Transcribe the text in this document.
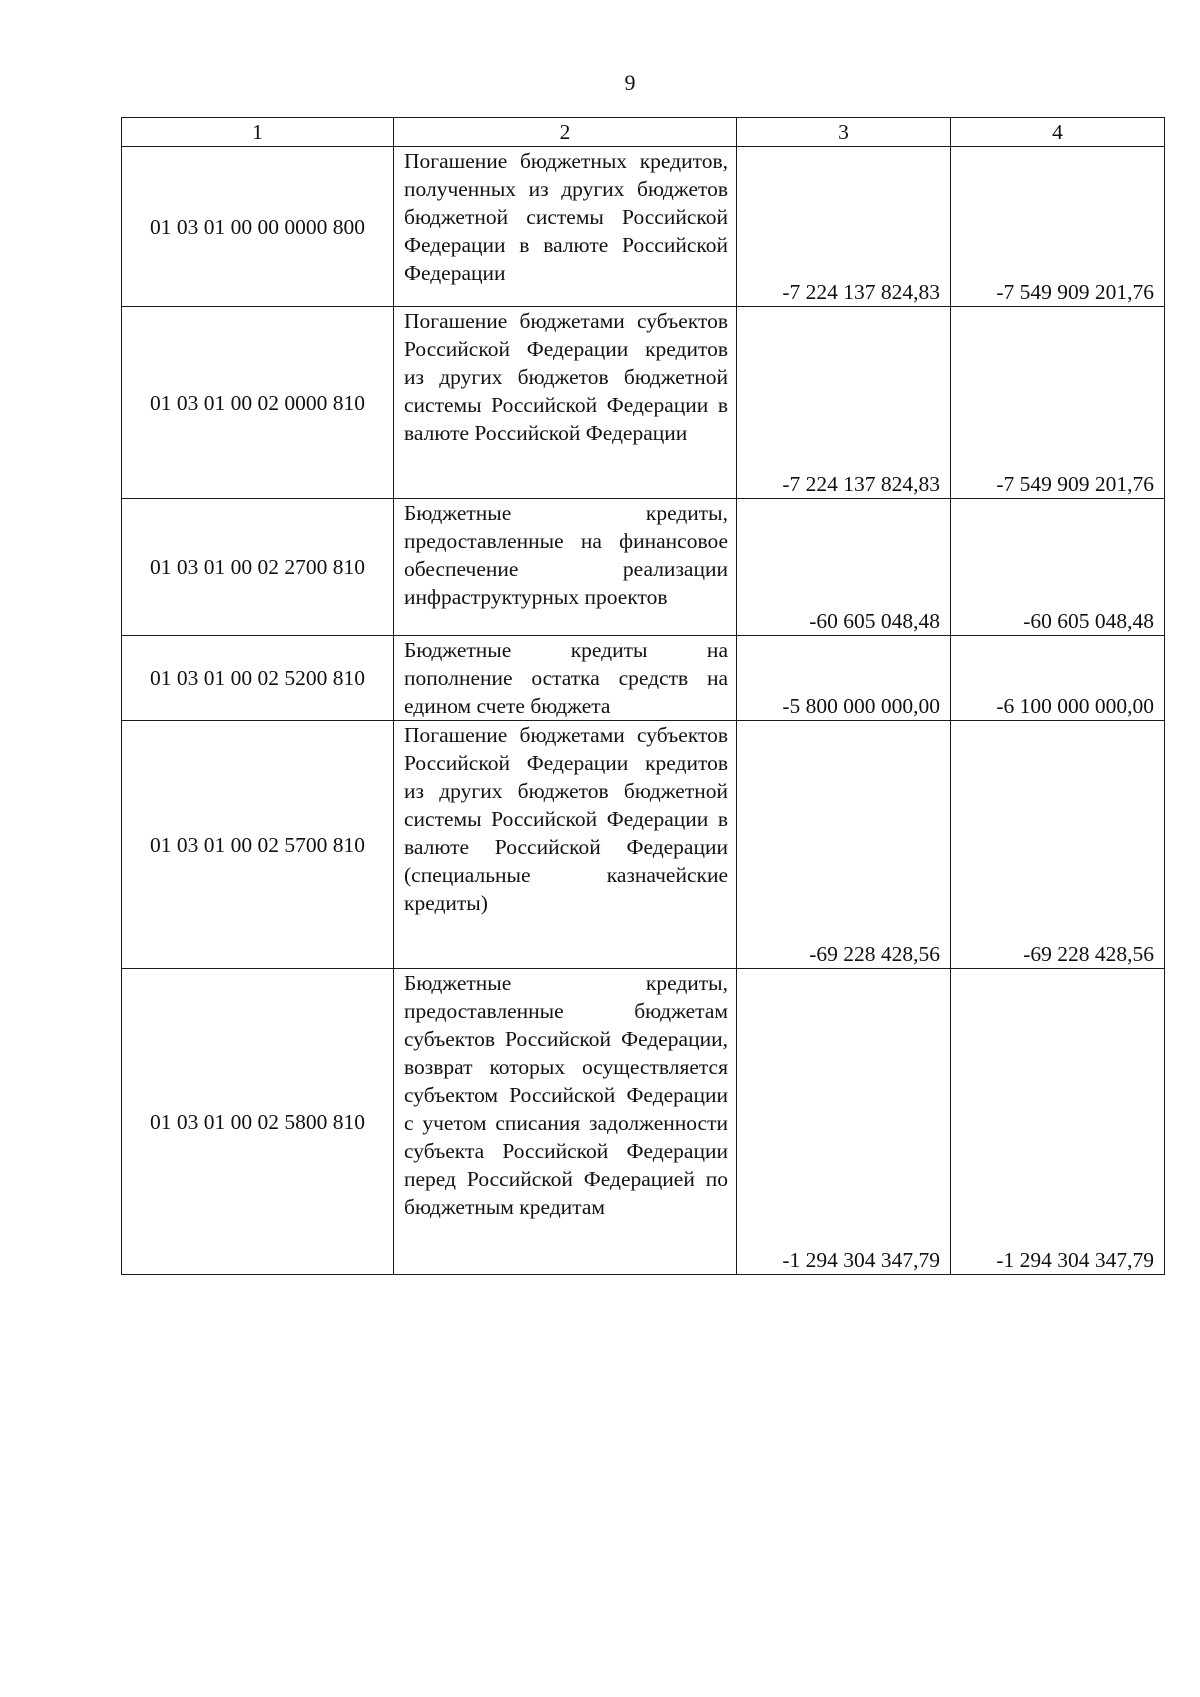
9
1	2	3	4
01 03 01 00 00 0000 800	Погашение бюджетных кредитов, полученных из других бюджетов бюджетной системы Российской Федерации в валюте Российской Федерации	-7 224 137 824,83	-7 549 909 201,76
01 03 01 00 02 0000 810	Погашение бюджетами субъектов Российской Федерации кредитов из других бюджетов бюджетной системы Российской Федерации в валюте Российской Федерации	-7 224 137 824,83	-7 549 909 201,76
01 03 01 00 02 2700 810	Бюджетные кредиты, предоставленные на финансовое обеспечение реализации инфраструктурных проектов	-60 605 048,48	-60 605 048,48
01 03 01 00 02 5200 810	Бюджетные кредиты на пополнение остатка средств на едином счете бюджета	-5 800 000 000,00	-6 100 000 000,00
01 03 01 00 02 5700 810	Погашение бюджетами субъектов Российской Федерации кредитов из других бюджетов бюджетной системы Российской Федерации в валюте Российской Федерации (специальные казначейские кредиты)	-69 228 428,56	-69 228 428,56
01 03 01 00 02 5800 810	Бюджетные кредиты, предоставленные бюджетам субъектов Российской Федерации, возврат которых осуществляется субъектом Российской Федерации с учетом списания задолженности субъекта Российской Федерации перед Российской Федерацией по бюджетным кредитам	-1 294 304 347,79	-1 294 304 347,79
